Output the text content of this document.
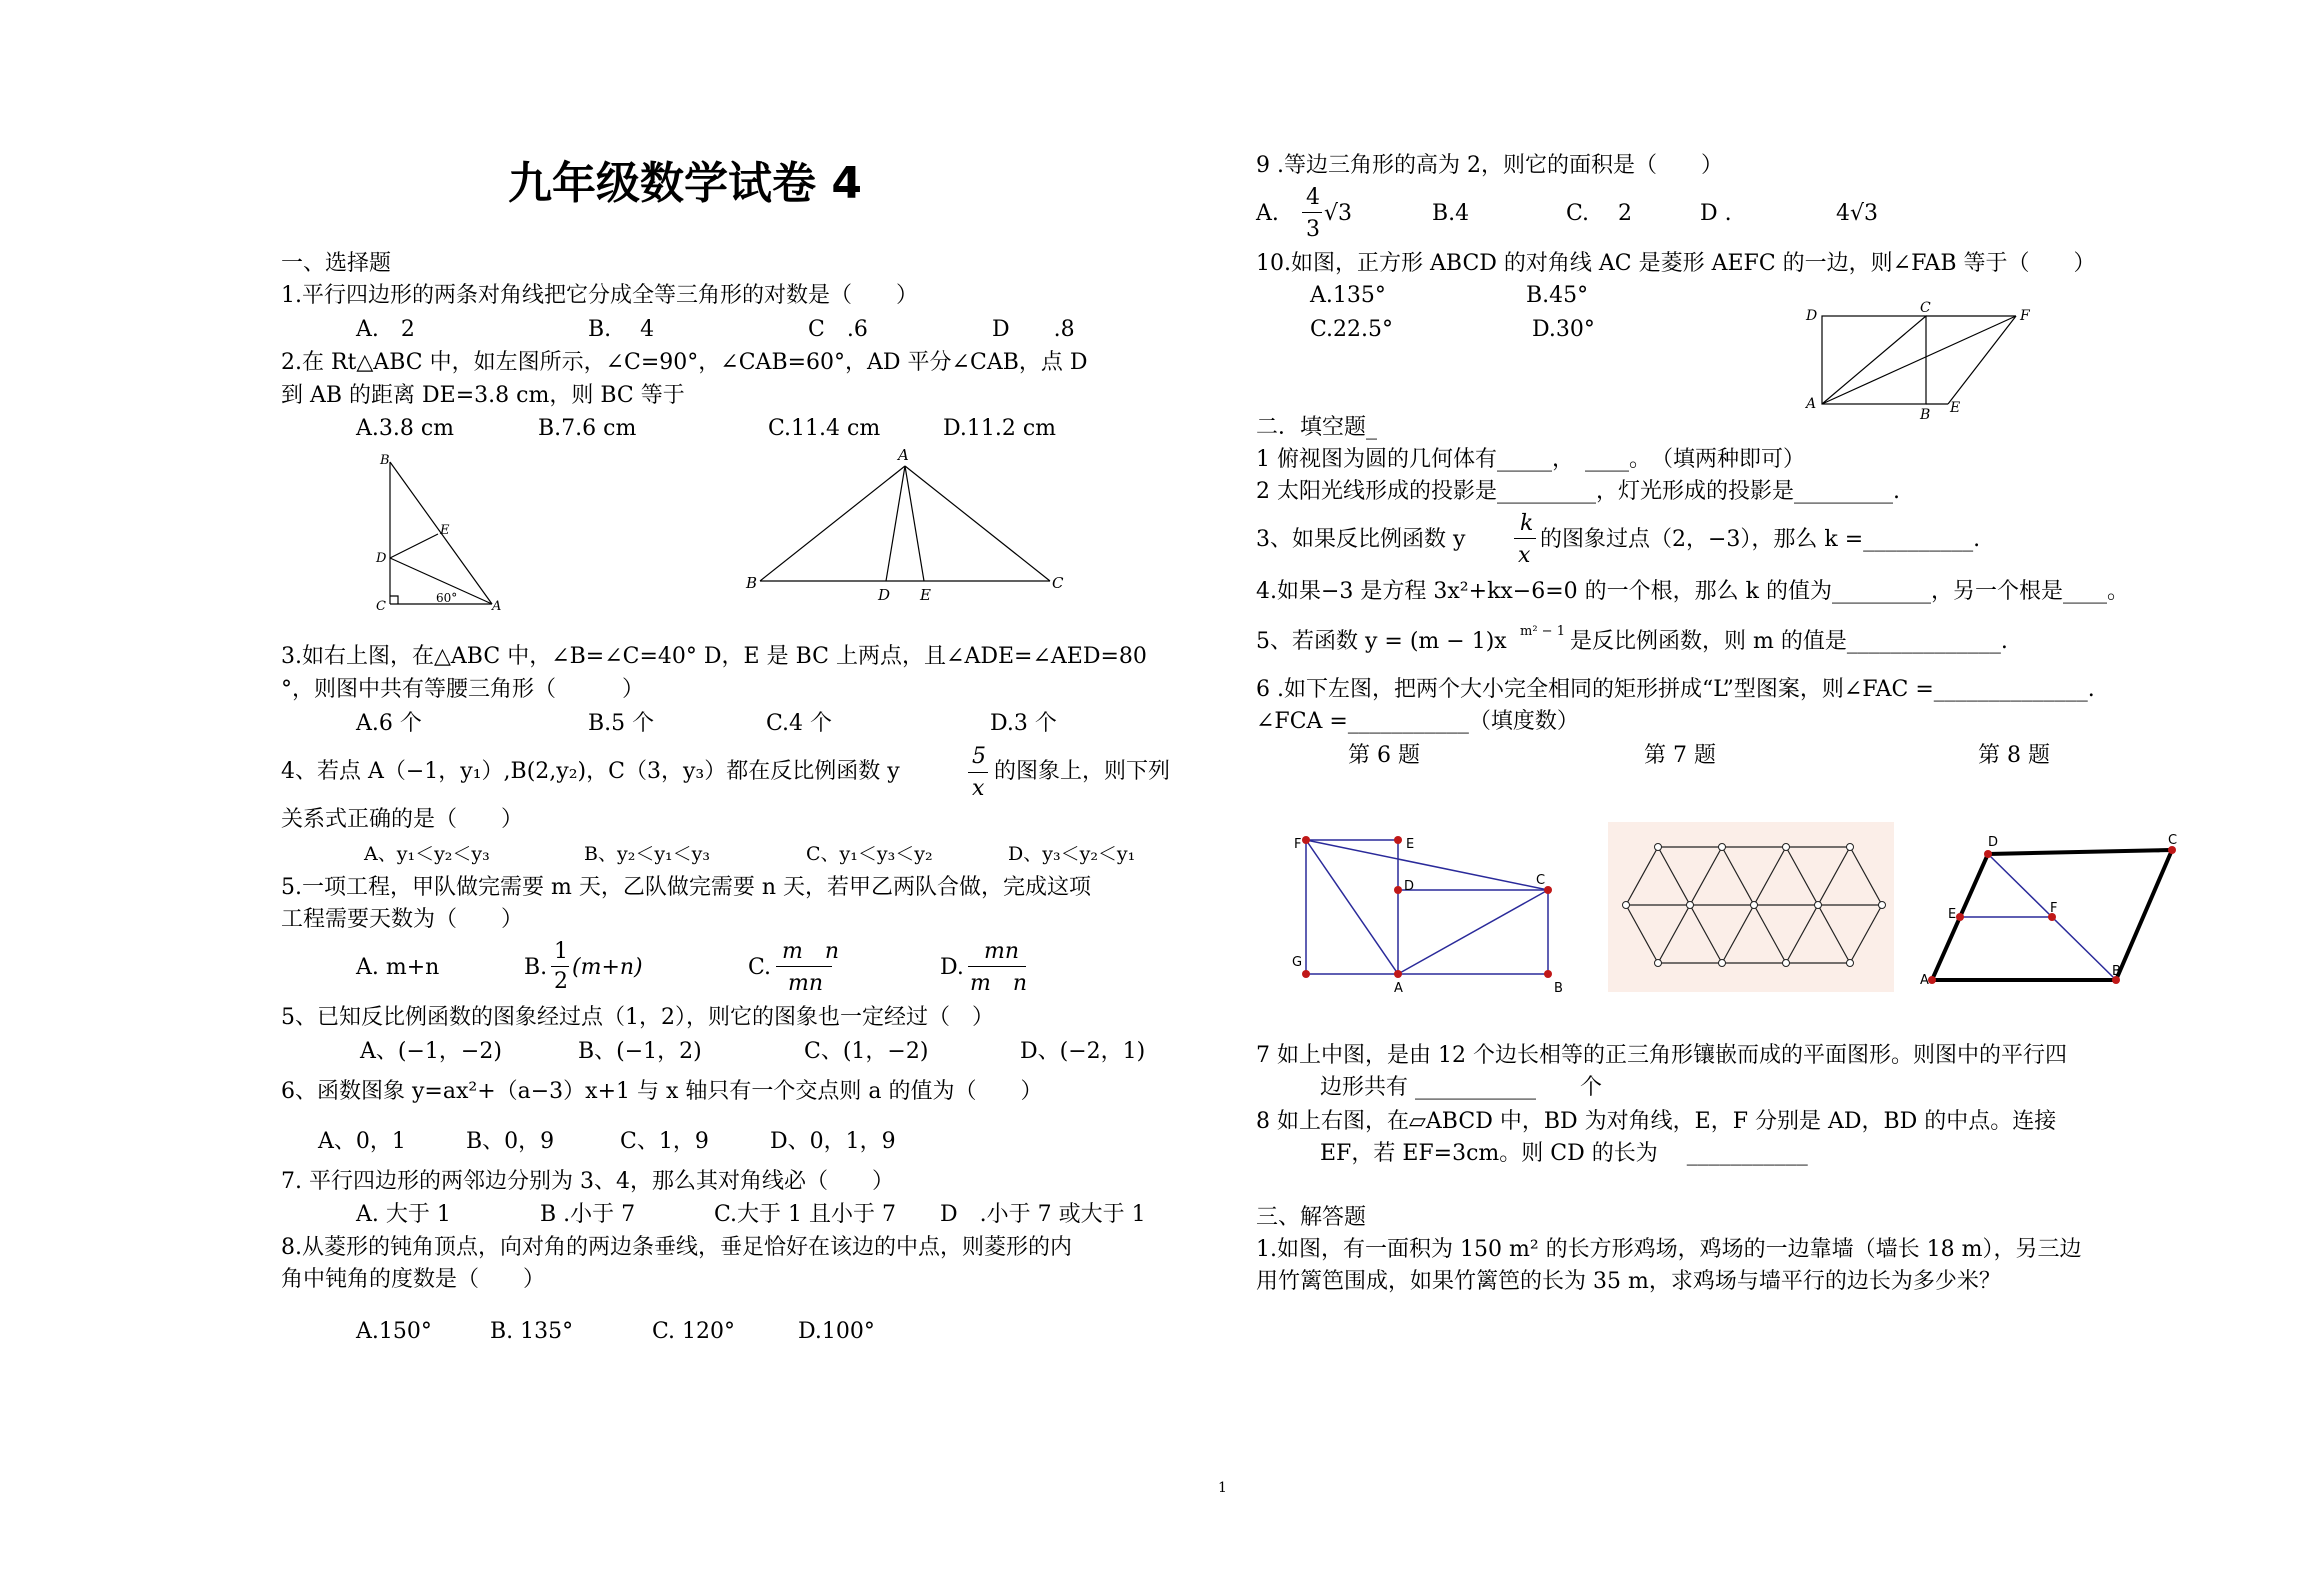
九年级数学试卷 4
一、选择题
1.平行四边形的两条对角线把它分成全等三角形的对数是（　　）
A.　2	B.　 4	C　.6	D　　.8
2.在 Rt△ABC 中，如左图所示，∠C=90°，∠CAB=60°，AD 平分∠CAB，点 D
到 AB 的距离 DE=3.8 cm，则 BC 等于
A.3.8 cm	B.7.6 cm	C.11.4 cm	D.11.2 cm
B
E
D
C
60°
A
A
B
D E
C
3.如右上图，在△ABC 中，∠B=∠C=40° D，E 是 BC 上两点，且∠ADE=∠AED=80
°，则图中共有等腰三角形（　　　）
A.6 个	B.5 个	C.4 个	D.3 个
4、若点 A（−1，y₁）,B(2,y₂)，C（3，y₃）都在反比例函数 y
5
x
的图象上，则下列
关系式正确的是（　　）
A、y₁＜y₂＜y₃	B、y₂＜y₁＜y₃	C、y₁＜y₃＜y₂	D、y₃＜y₂＜y₁
5.一项工程，甲队做完需要 m 天，乙队做完需要 n 天，若甲乙两队合做，完成这项
工程需要天数为（　　）
A. m+n	B.
1
2
(m+n)	C.
m　n
mn
D.
mn
m　n
5、已知反比例函数的图象经过点（1，2），则它的图象也一定经过（　）
A、(−1，−2)	B、(−1，2)	C、(1，−2)	D、(−2，1)
6、函数图象 y=ax²+（a−3）x+1 与 x 轴只有一个交点则 a 的值为（　　）
A、0，1	B、0，9	C、1，9	D、0，1，9
7. 平行四边形的两邻边分别为 3、4，那么其对角线必（　　）
A. 大于 1	B .小于 7	C.大于 1 且小于 7 D　.小于 7 或大于 1
8.从菱形的钝角顶点，向对角的两边条垂线，垂足恰好在该边的中点，则菱形的内
角中钝角的度数是（　　）
A.150°	B. 135°	C. 120°	D.100°
9 .等边三角形的高为 2，则它的面积是（　　）
A.
4
3
√3	B.4	C.　 2	D .	4√3
10.如图，正方形 ABCD 的对角线 AC 是菱形 AEFC 的一边，则∠FAB 等于（　　）
A.135°	B.45°
C.22.5°	D.30°
D	C	F
A
B E
二．填空题_
1 俯视图为圆的几何体有_____，　____。　（填两种即可）
2 太阳光线形成的投影是_________，灯光形成的投影是_________.
3、如果反比例函数 y
k
x
的图象过点（2，−3），那么 k =__________.
4.如果−3 是方程 3x²+kx−6=0 的一个根，那么 k 的值为_________，另一个根是____。
5、若函数 y = (m − 1)x m² − 1 是反比例函数，则 m 的值是______________.
6 .如下左图，把两个大小完全相同的矩形拼成“L”型图案，则∠FAC =______________.
∠FCA =___________（填度数）
第 6 题	第 7 题	第 8 题
F	E
D	C
G
A	B
D	C
E	F
A
B
7 如上中图，是由 12 个边长相等的正三角形镶嵌而成的平面图形。则图中的平行四
边形共有 ___________　　个
8 如上右图，在▱ABCD 中，BD 为对角线，E，F 分别是 AD，BD 的中点。连接
EF，若 EF=3cm。则 CD 的长为　 ___________
三、解答题
1.如图，有一面积为 150 m² 的长方形鸡场，鸡场的一边靠墙（墙长 18 m），另三边
用竹篱笆围成，如果竹篱笆的长为 35 m，求鸡场与墙平行的边长为多少米？
1
